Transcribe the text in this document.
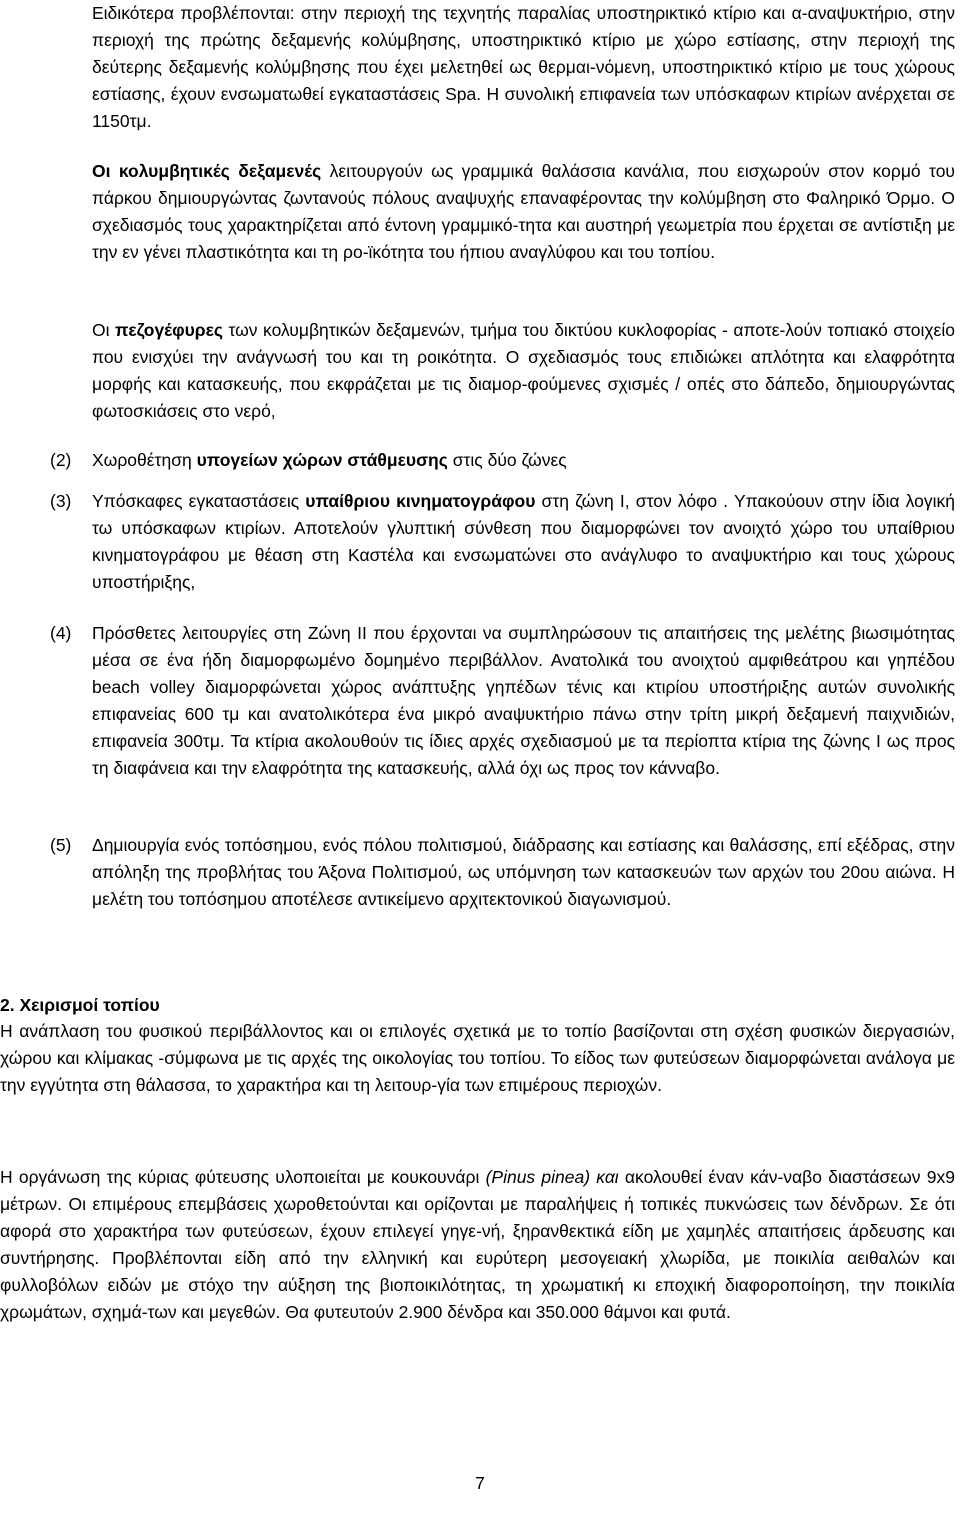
Ειδικότερα προβλέπονται: στην περιοχή της τεχνητής παραλίας υποστηρικτικό κτίριο και α-αναψυκτήριο, στην περιοχή της πρώτης δεξαμενής κολύμβησης, υποστηρικτικό κτίριο με χώρο εστίασης, στην περιοχή της δεύτερης δεξαμενής κολύμβησης που έχει μελετηθεί ως θερμαι-νόμενη, υποστηρικτικό κτίριο με τους χώρους εστίασης, έχουν ενσωματωθεί εγκαταστάσεις Spa. Η συνολική επιφανεία των υπόσκαφων κτιρίων ανέρχεται σε 1150τμ.

Οι κολυμβητικές δεξαμενές λειτουργούν ως γραμμικά θαλάσσια κανάλια, που εισχωρούν στον κορμό του πάρκου δημιουργώντας ζωντανούς πόλους αναψυχής επαναφέροντας την κολύμβηση στο Φαληρικό Όρμο. Ο σχεδιασμός τους χαρακτηρίζεται από έντονη γραμμικό-τητα και αυστηρή γεωμετρία που έρχεται σε αντίστιξη με την εν γένει πλαστικότητα και τη ρο-ϊκότητα του ήπιου αναγλύφου και του τοπίου.

Οι πεζογέφυρες των κολυμβητικών δεξαμενών, τμήμα του δικτύου κυκλοφορίας - αποτε-λούν τοπιακό στοιχείο που ενισχύει την ανάγνωσή του και τη ροικότητα. Ο σχεδιασμός τους επιδιώκει απλότητα και ελαφρότητα μορφής και κατασκευής, που εκφράζεται με τις διαμορ-φούμενες σχισμές / οπές στο δάπεδο, δημιουργώντας φωτοσκιάσεις στο νερό,

(2) Χωροθέτηση υπογείων χώρων στάθμευσης στις δύο ζώνες

(3) Υπόσκαφες εγκαταστάσεις υπαίθριου κινηματογράφου στη ζώνη Ι, στον λόφο . Υπακούουν στην ίδια λογική τω υπόσκαφων κτιρίων. Αποτελούν γλυπτική σύνθεση που διαμορφώνει τον ανοιχτό χώρο του υπαίθριου κινηματογράφου με θέαση στη Καστέλα και ενσωματώνει στο ανάγλυφο το αναψυκτήριο και τους χώρους υποστήριξης,

(4) Πρόσθετες λειτουργίες στη Ζώνη ΙΙ που έρχονται να συμπληρώσουν τις απαιτήσεις της μελέτης βιωσιμότητας μέσα σε ένα ήδη διαμορφωμένο δομημένο περιβάλλον. Ανατολικά του ανοιχτού αμφιθεάτρου και γηπέδου beach volley διαμορφώνεται χώρος ανάπτυξης γηπέδων τένις και κτιρίου υποστήριξης αυτών συνολικής επιφανείας 600 τμ και ανατολικότερα ένα μικρό αναψυκτήριο πάνω στην τρίτη μικρή δεξαμενή παιχνιδιών, επιφανεία 300τμ. Τα κτίρια ακολουθούν τις ίδιες αρχές σχεδιασμού με τα περίοπτα κτίρια της ζώνης Ι ως προς τη διαφάνεια και την ελαφρότητα της κατασκευής, αλλά όχι ως προς τον κάνναβο.

(5) Δημιουργία ενός τοπόσημου, ενός πόλου πολιτισμού, διάδρασης και εστίασης και θαλάσσης, επί εξέδρας, στην απόληξη της προβλήτας του Άξονα Πολιτισμού, ως υπόμνηση των κατασκευών των αρχών του 20ου αιώνα. Η μελέτη του τοπόσημου αποτέλεσε αντικείμενο αρχιτεκτονικού διαγωνισμού.

2. Χειρισμοί τοπίου

Η ανάπλαση του φυσικού περιβάλλοντος και οι επιλογές σχετικά με το τοπίο βασίζονται στη σχέση φυσικών διεργασιών, χώρου και κλίμακας -σύμφωνα με τις αρχές της οικολογίας του τοπίου. Το είδος των φυτεύσεων διαμορφώνεται ανάλογα με την εγγύτητα στη θάλασσα, το χαρακτήρα και τη λειτουρ-γία των επιμέρους περιοχών.

Η οργάνωση της κύριας φύτευσης υλοποιείται με κουκουνάρι (Pinus pinea) και ακολουθεί έναν κάν-ναβο διαστάσεων 9x9 μέτρων. Οι επιμέρους επεμβάσεις χωροθετούνται και ορίζονται με παραλήψεις ή τοπικές πυκνώσεις των δένδρων. Σε ότι αφορά στο χαρακτήρα των φυτεύσεων, έχουν επιλεγεί γηγε-νή, ξηρανθεκτικά είδη με χαμηλές απαιτήσεις άρδευσης και συντήρησης. Προβλέπονται είδη από την ελληνική και ευρύτερη μεσογειακή χλωρίδα, με ποικιλία αειθαλών και φυλλοβόλων ειδών με στόχο την αύξηση της βιοποικιλότητας, τη χρωματική κι εποχική διαφοροποίηση, την ποικιλία χρωμάτων, σχημά-των και μεγεθών. Θα φυτευτούν 2.900 δένδρα και 350.000 θάμνοι και φυτά.

7
